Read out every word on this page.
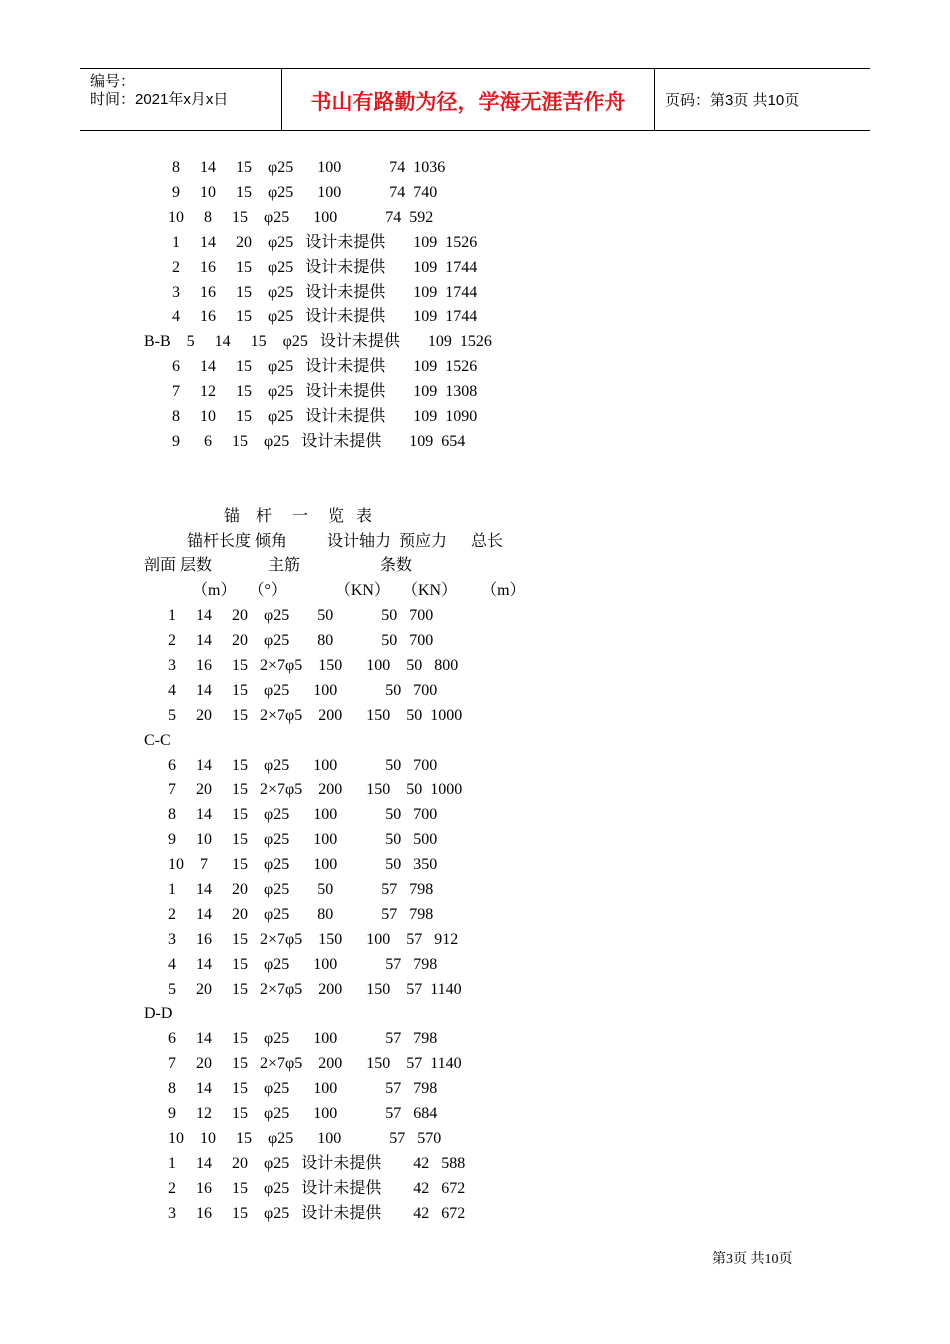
编号：
时间：2021年x月x日	书山有路勤为径，学海无涯苦作舟	页码：第3页 共10页
8     14     15    φ25      100            74  1036
9     10     15    φ25      100            74  740
10     8     15    φ25      100            74  592
1     14     20    φ25   设计未提供       109  1526
2     16     15    φ25   设计未提供       109  1744
3     16     15    φ25   设计未提供       109  1744
4     16     15    φ25   设计未提供       109  1744
B-B    5     14     15    φ25   设计未提供       109  1526
6     14     15    φ25   设计未提供       109  1526
7     12     15    φ25   设计未提供       109  1308
8     10     15    φ25   设计未提供       109  1090
9      6     15    φ25   设计未提供       109  654
锚    杆     一     览   表
锚杆长度 倾角          设计轴力  预应力      总长
剖面 层数              主筋                    条数
（m）   （°）            （KN）   （KN）      （m）
1     14     20    φ25       50            50   700
2     14     20    φ25       80            50   700
3     16     15   2×7φ5    150      100    50   800
4     14     15    φ25      100            50   700
5     20     15   2×7φ5    200      150    50  1000
C-C
6     14     15    φ25      100            50   700
7     20     15   2×7φ5    200      150    50  1000
8     14     15    φ25      100            50   700
9     10     15    φ25      100            50   500
10    7      15    φ25      100            50   350
1     14     20    φ25       50            57   798
2     14     20    φ25       80            57   798
3     16     15   2×7φ5    150      100    57   912
4     14     15    φ25      100            57   798
5     20     15   2×7φ5    200      150    57  1140
D-D
6     14     15    φ25      100            57   798
7     20     15   2×7φ5    200      150    57  1140
8     14     15    φ25      100            57   798
9     12     15    φ25      100            57   684
10    10     15    φ25      100            57   570
1     14     20    φ25   设计未提供        42   588
2     16     15    φ25   设计未提供        42   672
3     16     15    φ25   设计未提供        42   672
第3页 共10页
